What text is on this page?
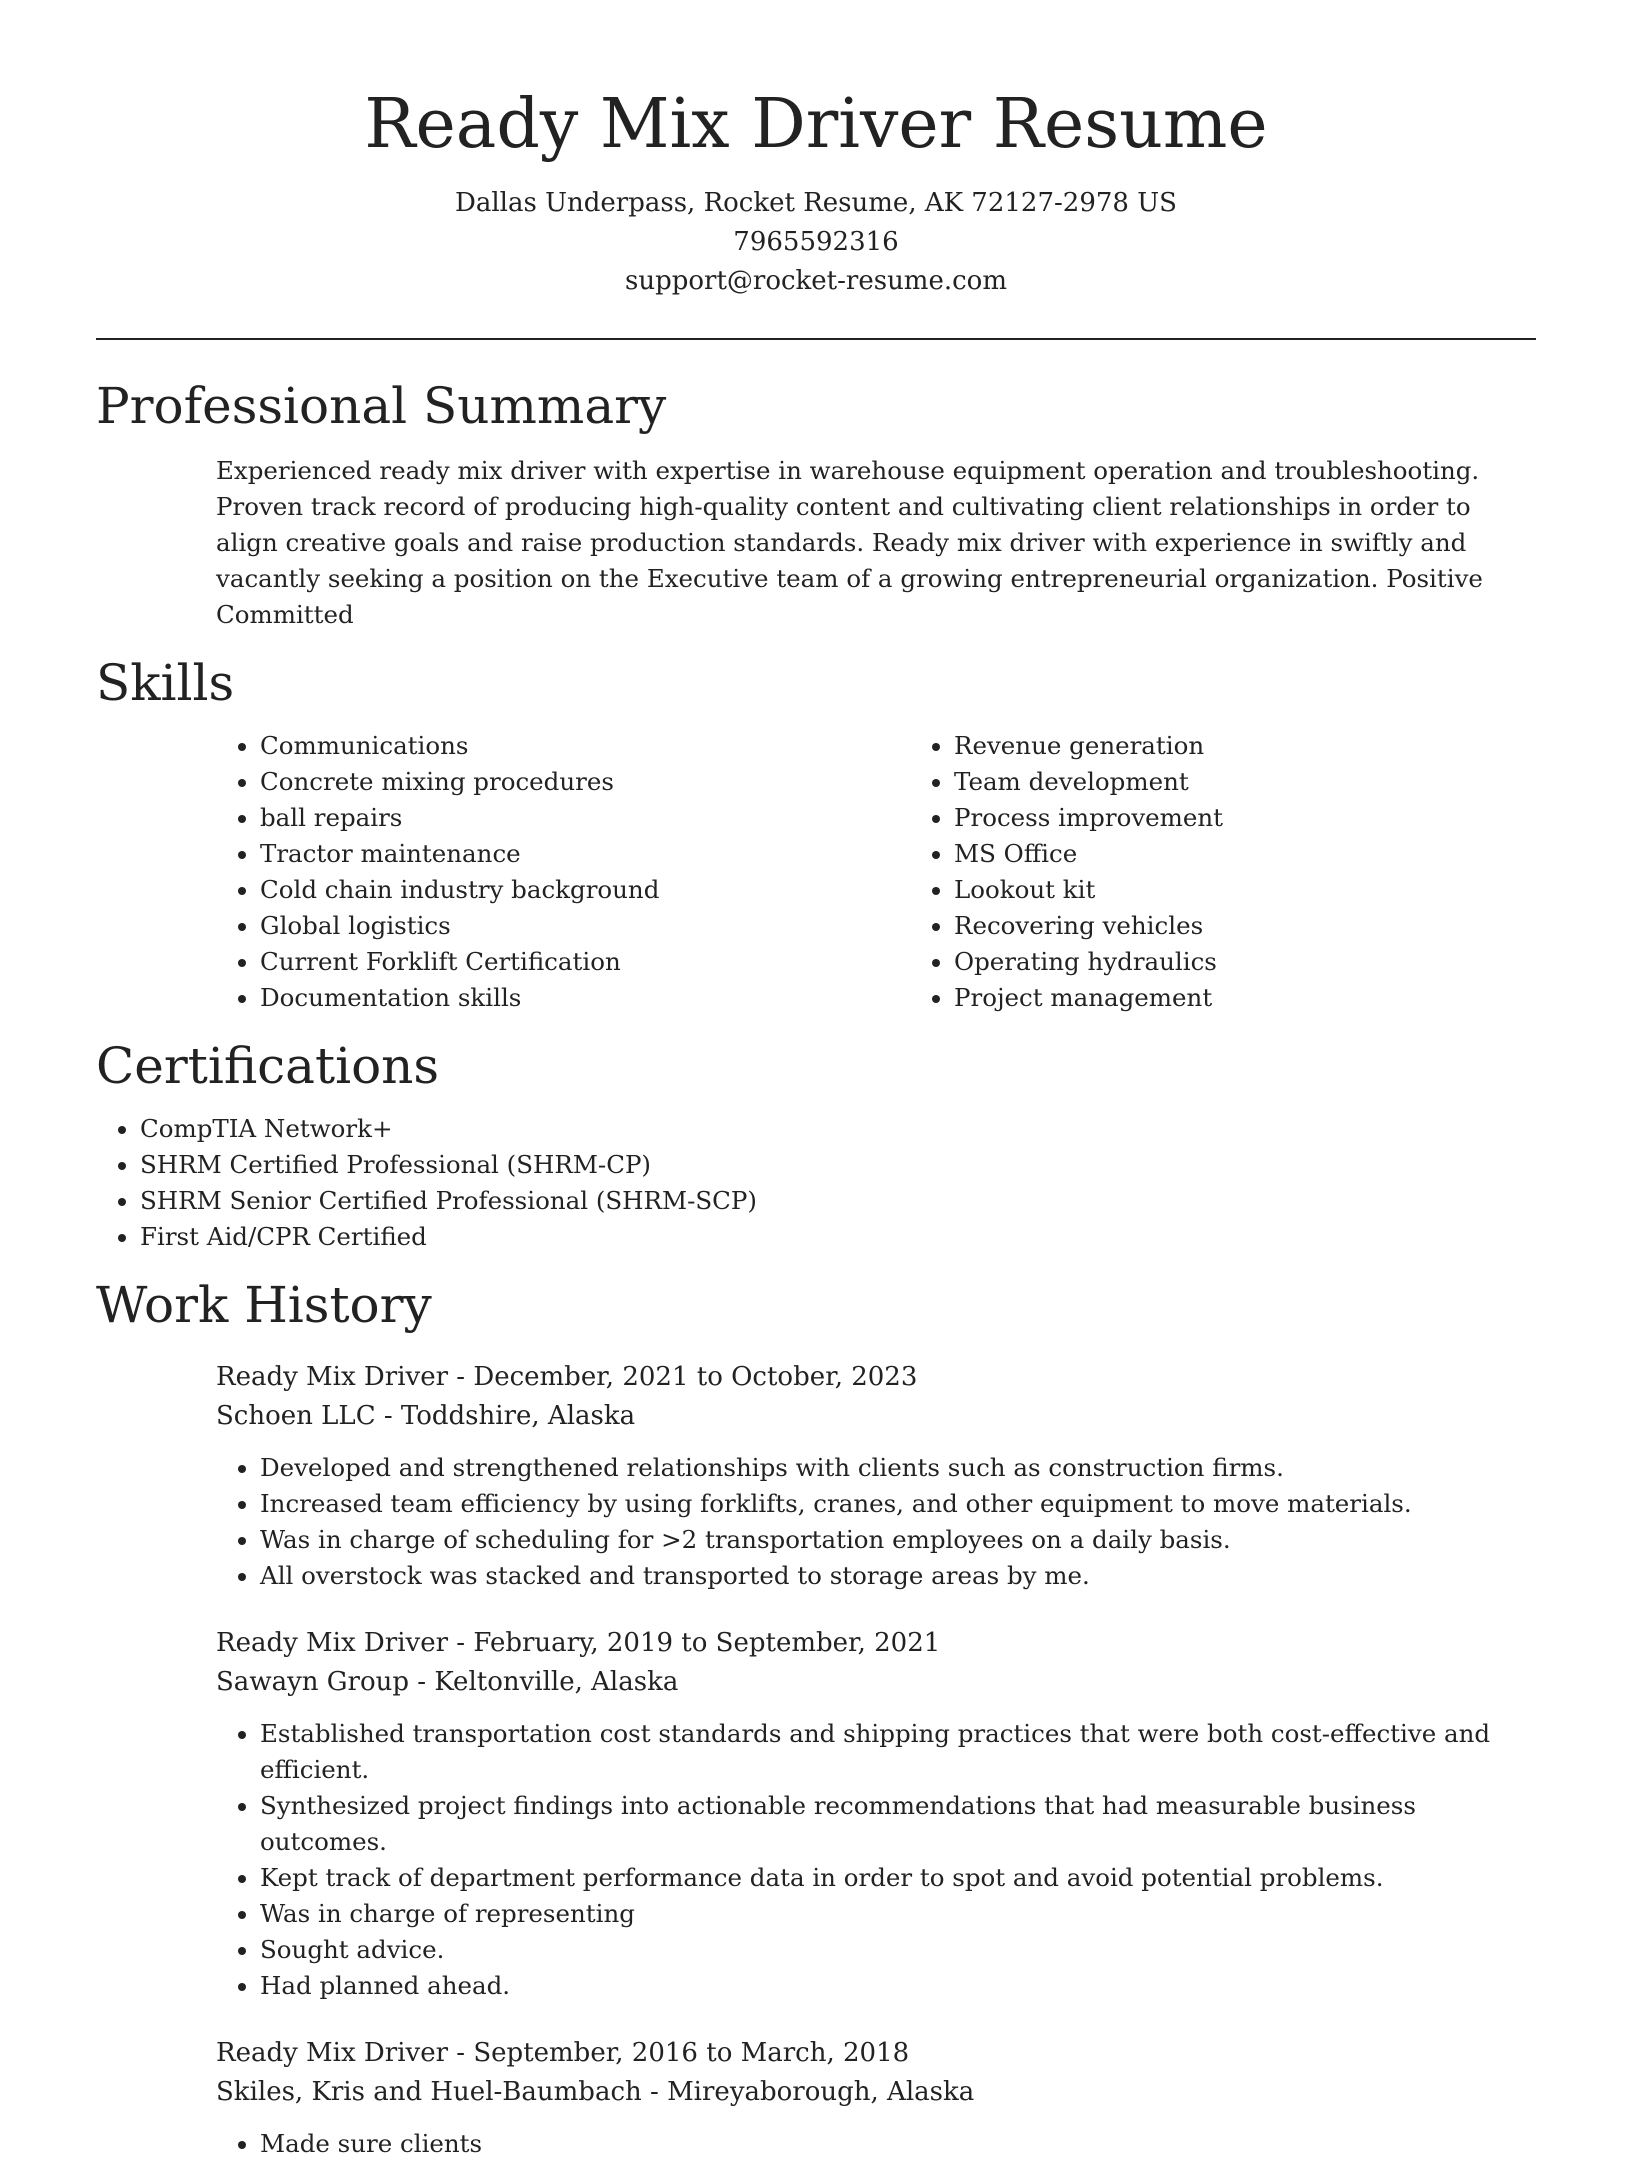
Ready Mix Driver Resume
Dallas Underpass, Rocket Resume, AK 72127-2978 US
7965592316
support@rocket-resume.com
Professional Summary

Experienced ready mix driver with expertise in warehouse equipment operation and troubleshooting. Proven track record of producing high-quality content and cultivating client relationships in order to align creative goals and raise production standards. Ready mix driver with experience in swiftly and vacantly seeking a position on the Executive team of a growing entrepreneurial organization. Positive Committed

Skills
• Communications
• Concrete mixing procedures
• ball repairs
• Tractor maintenance
• Cold chain industry background
• Global logistics
• Current Forklift Certification
• Documentation skills
• Revenue generation
• Team development
• Process improvement
• MS Office
• Lookout kit
• Recovering vehicles
• Operating hydraulics
• Project management
Certifications
• CompTIA Network+
• SHRM Certified Professional (SHRM-CP)
• SHRM Senior Certified Professional (SHRM-SCP)
• First Aid/CPR Certified
Work History
Ready Mix Driver - December, 2021 to October, 2023
Schoen LLC - Toddshire, Alaska
• Developed and strengthened relationships with clients such as construction firms.
• Increased team efficiency by using forklifts, cranes, and other equipment to move materials.
• Was in charge of scheduling for >2 transportation employees on a daily basis.
• All overstock was stacked and transported to storage areas by me.
Ready Mix Driver - February, 2019 to September, 2021
Sawayn Group - Keltonville, Alaska
• Established transportation cost standards and shipping practices that were both cost-effective and efficient.
• Synthesized project findings into actionable recommendations that had measurable business outcomes.
• Kept track of department performance data in order to spot and avoid potential problems.
• Was in charge of representing
• Sought advice.
• Had planned ahead.
Ready Mix Driver - September, 2016 to March, 2018
Skiles, Kris and Huel-Baumbach - Mireyaborough, Alaska
• Made sure clients
